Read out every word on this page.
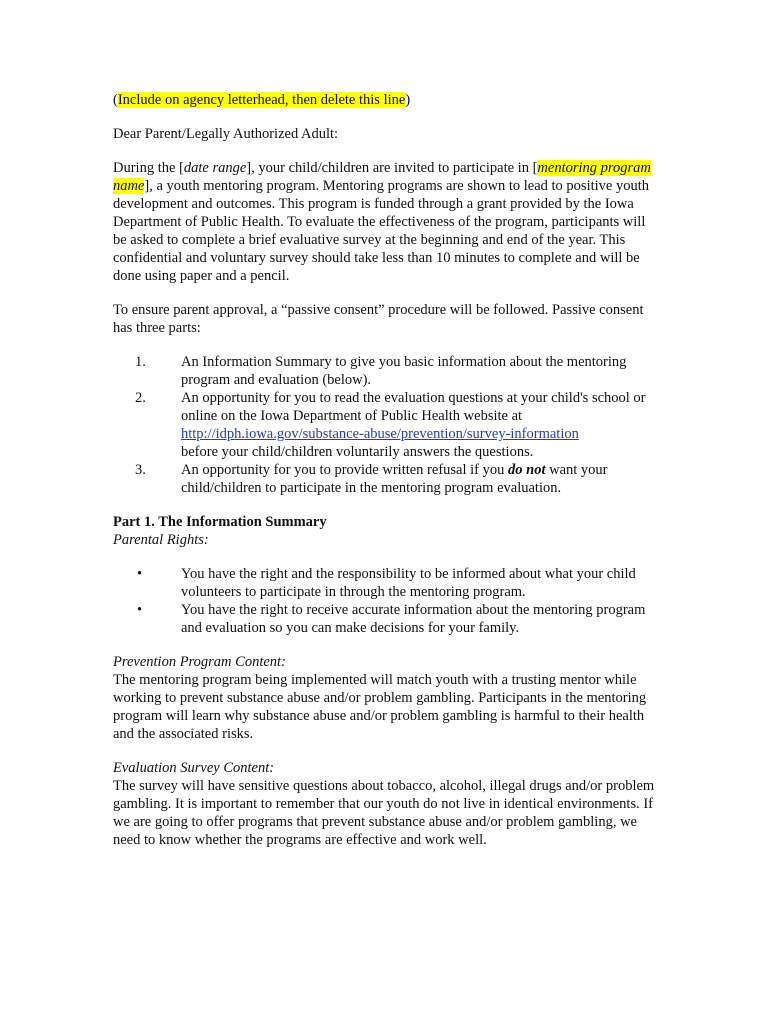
(Include on agency letterhead, then delete this line)

Dear Parent/Legally Authorized Adult:

During the [date range], your child/children are invited to participate in [mentoring program name], a youth mentoring program. Mentoring programs are shown to lead to positive youth development and outcomes. This program is funded through a grant provided by the Iowa Department of Public Health. To evaluate the effectiveness of the program, participants will be asked to complete a brief evaluative survey at the beginning and end of the year. This confidential and voluntary survey should take less than 10 minutes to complete and will be done using paper and a pencil.

To ensure parent approval, a “passive consent” procedure will be followed. Passive consent has three parts:

1.	An Information Summary to give you basic information about the mentoring program and evaluation (below).
2.	An opportunity for you to read the evaluation questions at your child's school or online on the Iowa Department of Public Health website at
http://idph.iowa.gov/substance-abuse/prevention/survey-information
before your child/children voluntarily answers the questions.
3.	An opportunity for you to provide written refusal if you do not want your child/children to participate in the mentoring program evaluation.

Part 1. The Information Summary

Parental Rights:

•	You have the right and the responsibility to be informed about what your child volunteers to participate in through the mentoring program.
•	You have the right to receive accurate information about the mentoring program and evaluation so you can make decisions for your family.

Prevention Program Content:

The mentoring program being implemented will match youth with a trusting mentor while working to prevent substance abuse and/or problem gambling. Participants in the mentoring program will learn why substance abuse and/or problem gambling is harmful to their health and the associated risks.

Evaluation Survey Content:

The survey will have sensitive questions about tobacco, alcohol, illegal drugs and/or problem gambling. It is important to remember that our youth do not live in identical environments. If we are going to offer programs that prevent substance abuse and/or problem gambling, we need to know whether the programs are effective and work well.
